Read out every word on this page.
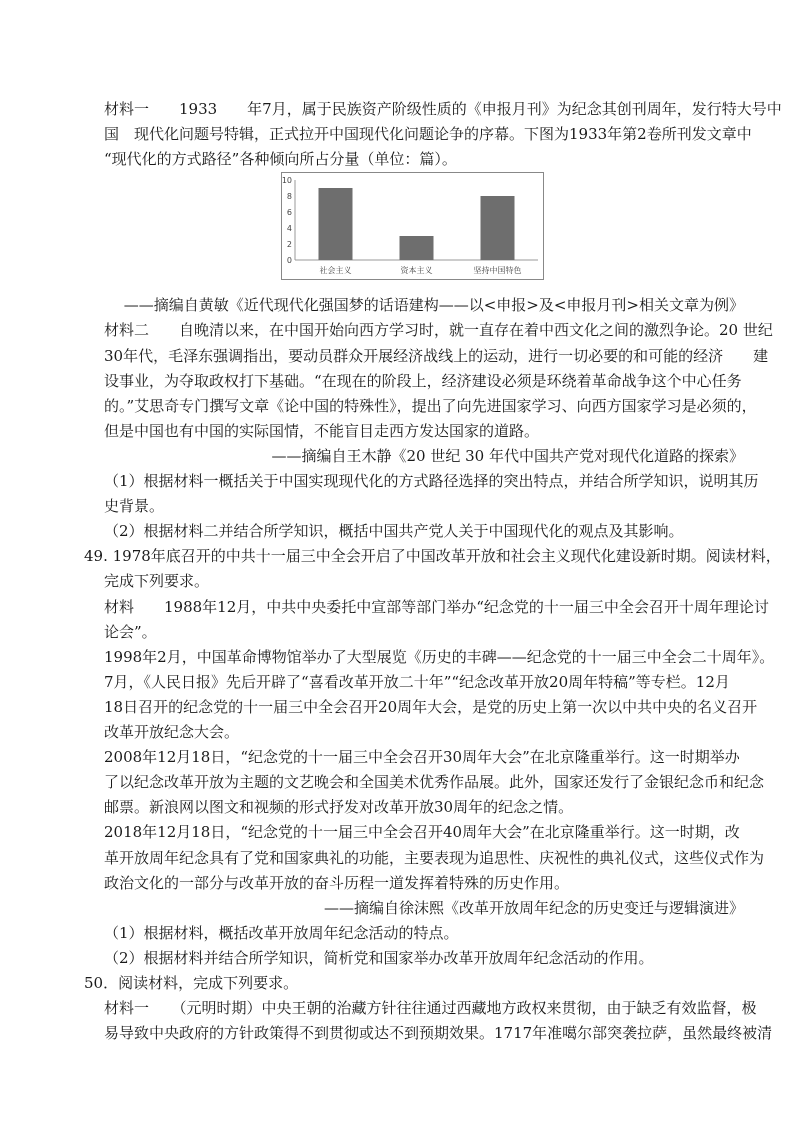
材料一　　1933　　年7月，属于民族资产阶级性质的《申报月刊》为纪念其创刊周年，发行特大号中
国　现代化问题号特辑，正式拉开中国现代化问题论争的序幕。下图为1933年第2卷所刊发文章中
“现代化的方式路径”各种倾向所占分量（单位：篇）。
0
2
4
6
8
10
社会主义	资本主义	坚持中国特色
——摘编自黄敏《近代现代化强国梦的话语建构——以<申报>及<申报月刊>相关文章为例》
材料二　　自晚清以来，在中国开始向西方学习时，就一直存在着中西文化之间的激烈争论。20 世纪
30年代，毛泽东强调指出，要动员群众开展经济战线上的运动，进行一切必要的和可能的经济　　建
设事业，为夺取政权打下基础。“在现在的阶段上，经济建设必须是环绕着革命战争这个中心任务
的。”艾思奇专门撰写文章《论中国的特殊性》，提出了向先进国家学习、向西方国家学习是必须的，
但是中国也有中国的实际国情，不能盲目走西方发达国家的道路。
——摘编自王木静《20 世纪 30 年代中国共产党对现代化道路的探索》
（1）根据材料一概括关于中国实现现代化的方式路径选择的突出特点，并结合所学知识，说明其历
史背景。
（2）根据材料二并结合所学知识，概括中国共产党人关于中国现代化的观点及其影响。
49. 1978年底召开的中共十一届三中全会开启了中国改革开放和社会主义现代化建设新时期。阅读材料，
完成下列要求。
材料　　1988年12月，中共中央委托中宣部等部门举办“纪念党的十一届三中全会召开十周年理论讨
论会”。
1998年2月，中国革命博物馆举办了大型展览《历史的丰碑——纪念党的十一届三中全会二十周年》。
7月，《人民日报》先后开辟了“喜看改革开放二十年”“纪念改革开放20周年特稿”等专栏。12月
18日召开的纪念党的十一届三中全会召开20周年大会，是党的历史上第一次以中共中央的名义召开
改革开放纪念大会。
2008年12月18日，“纪念党的十一届三中全会召开30周年大会”在北京隆重举行。这一时期举办
了以纪念改革开放为主题的文艺晚会和全国美术优秀作品展。此外，国家还发行了金银纪念币和纪念
邮票。新浪网以图文和视频的形式抒发对改革开放30周年的纪念之情。
2018年12月18日，“纪念党的十一届三中全会召开40周年大会”在北京隆重举行。这一时期，改
革开放周年纪念具有了党和国家典礼的功能，主要表现为追思性、庆祝性的典礼仪式，这些仪式作为
政治文化的一部分与改革开放的奋斗历程一道发挥着特殊的历史作用。
——摘编自徐沫熙《改革开放周年纪念的历史变迁与逻辑演进》
（1）根据材料，概括改革开放周年纪念活动的特点。
（2）根据材料并结合所学知识，简析党和国家举办改革开放周年纪念活动的作用。
50．阅读材料，完成下列要求。
材料一　　（元明时期）中央王朝的治藏方针往往通过西藏地方政权来贯彻，由于缺乏有效监督，极
易导致中央政府的方针政策得不到贯彻或达不到预期效果。1717年准噶尔部突袭拉萨，虽然最终被清
